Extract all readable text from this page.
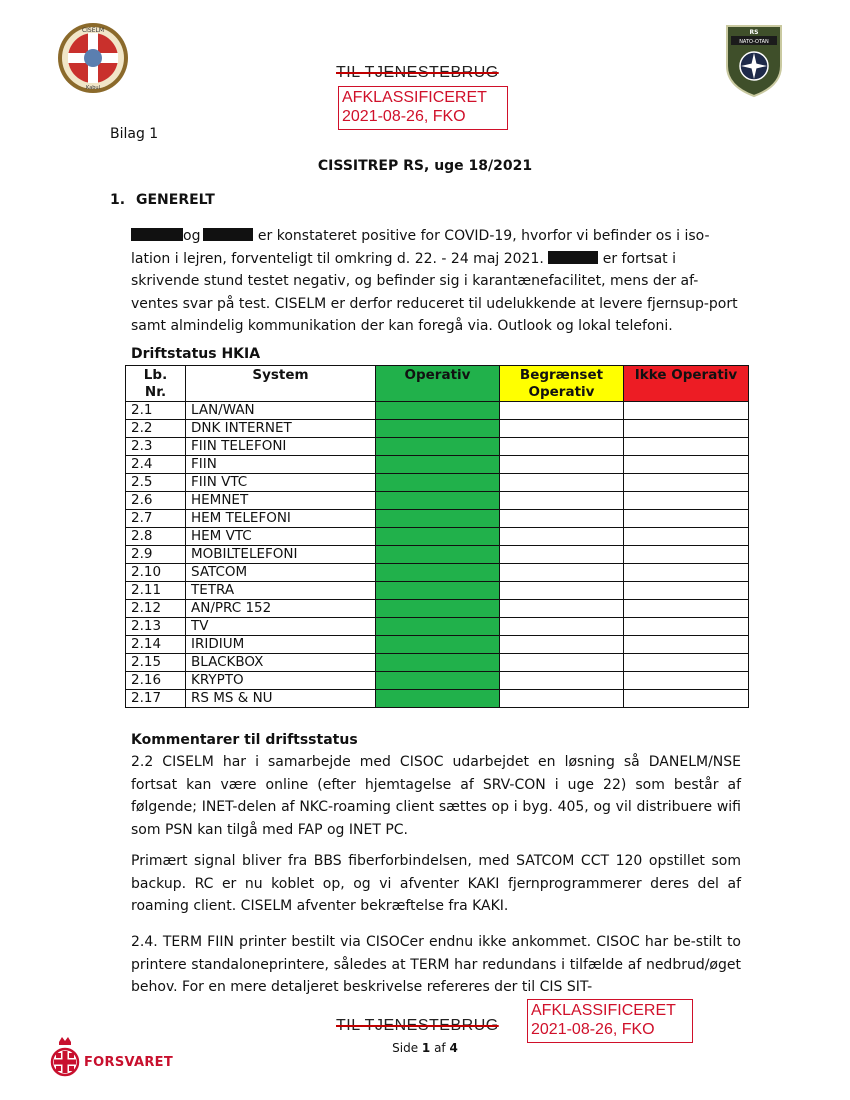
CISELM
Kabul
RS
NATO-OTAN
TIL TJENESTEBRUG
AFKLASSIFICERET
2021-08-26, FKO
Bilag 1
CISSITREP RS, uge 18/2021
1. GENERELT

og	er konstateret positive for COVID-19, hvorfor vi befinder os i iso-lation i lejren, forventeligt til omkring d. 22. - 24 maj 2021.	er fortsat i skrivende stund testet negativ, og befinder sig i karantænefacilitet, mens der af-ventes svar på test. CISELM er derfor reduceret til udelukkende at levere fjernsup-port samt almindelig kommunikation der kan foregå via. Outlook og lokal telefoni.

Driftstatus HKIA
Lb. Nr.	System	Operativ	Begrænset Operativ	Ikke Operativ
2.1	LAN/WAN			
2.2	DNK INTERNET			
2.3	FIIN TELEFONI			
2.4	FIIN			
2.5	FIIN VTC			
2.6	HEMNET			
2.7	HEM TELEFONI			
2.8	HEM VTC			
2.9	MOBILTELEFONI			
2.10	SATCOM			
2.11	TETRA			
2.12	AN/PRC 152			
2.13	TV			
2.14	IRIDIUM			
2.15	BLACKBOX			
2.16	KRYPTO			
2.17	RS MS & NU			
Kommentarer til driftsstatus

2.2 CISELM har i samarbejde med CISOC udarbejdet en løsning så DANELM/NSE fortsat kan være online (efter hjemtagelse af SRV-CON i uge 22) som består af følgende; INET-delen af NKC-roaming client sættes op i byg. 405, og vil distribuere wifi som PSN kan tilgå med FAP og INET PC.

Primært signal bliver fra BBS fiberforbindelsen, med SATCOM CCT 120 opstillet som backup. RC er nu koblet op, og vi afventer KAKI fjernprogrammerer deres del af roaming client. CISELM afventer bekræftelse fra KAKI.

2.4. TERM FIIN printer bestilt via CISOCer endnu ikke ankommet. CISOC har be-stilt to printere standaloneprintere, således at TERM har redundans i tilfælde af nedbrud/øget behov. For en mere detaljeret beskrivelse refereres der til CIS SIT-

TIL TJENESTEBRUG
AFKLASSIFICERET
2021-08-26, FKO
Side 1 af 4
FORSVARET
